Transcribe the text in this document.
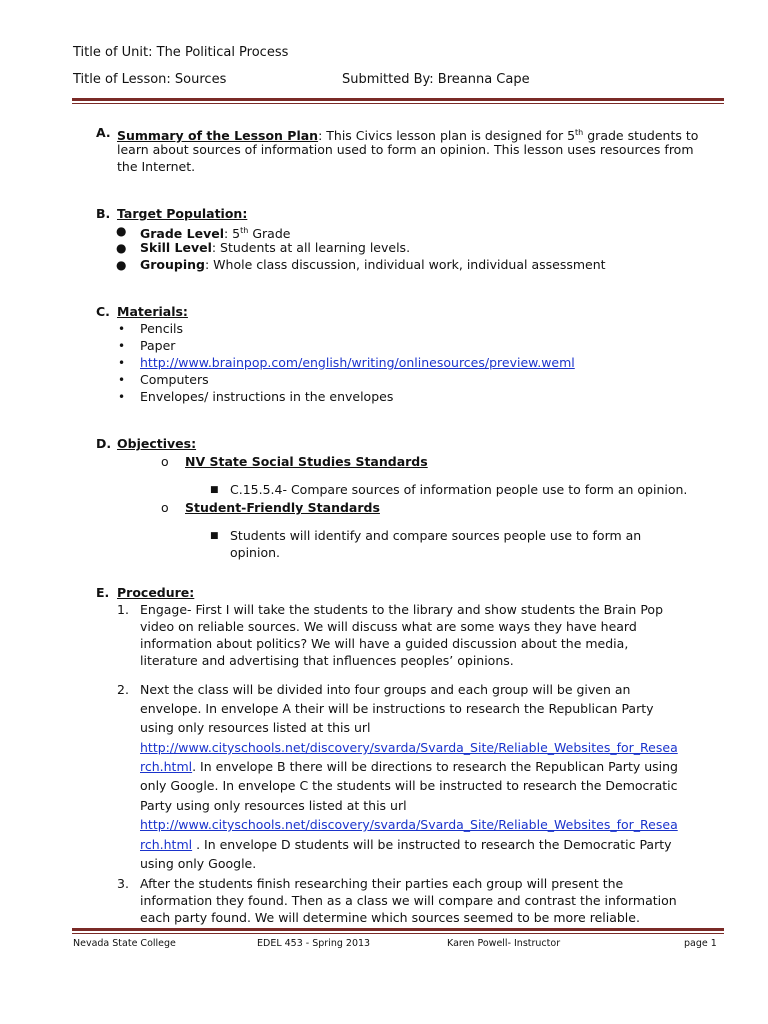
Title of Unit: The Political Process
Title of Lesson: Sources	Submitted By: Breanna Cape
A. Summary of the Lesson Plan: This Civics lesson plan is designed for 5th grade students to
learn about sources of information used to form an opinion. This lesson uses resources from
the Internet.
B. Target Population:
● Grade Level: 5th Grade
● Skill Level: Students at all learning levels.
● Grouping: Whole class discussion, individual work, individual assessment
C. Materials:
• Pencils
• Paper
• http://www.brainpop.com/english/writing/onlinesources/preview.weml
• Computers
• Envelopes/ instructions in the envelopes
D. Objectives:
o NV State Social Studies Standards
■ C.15.5.4- Compare sources of information people use to form an opinion.
o Student-Friendly Standards
■ Students will identify and compare sources people use to form an
opinion.
E. Procedure:
1. Engage- First I will take the students to the library and show students the Brain Pop
video on reliable sources. We will discuss what are some ways they have heard
information about politics? We will have a guided discussion about the media,
literature and advertising that influences peoples’ opinions.
2. Next the class will be divided into four groups and each group will be given an
envelope. In envelope A their will be instructions to research the Republican Party
using only resources listed at this url
http://www.cityschools.net/discovery/svarda/Svarda_Site/Reliable_Websites_for_Resea
rch.html. In envelope B there will be directions to research the Republican Party using
only Google. In envelope C the students will be instructed to research the Democratic
Party using only resources listed at this url
http://www.cityschools.net/discovery/svarda/Svarda_Site/Reliable_Websites_for_Resea
rch.html . In envelope D students will be instructed to research the Democratic Party
using only Google.
3. After the students finish researching their parties each group will present the
information they found. Then as a class we will compare and contrast the information
each party found. We will determine which sources seemed to be more reliable.
Nevada State College	EDEL 453 - Spring 2013	Karen Powell- Instructor	page 1
